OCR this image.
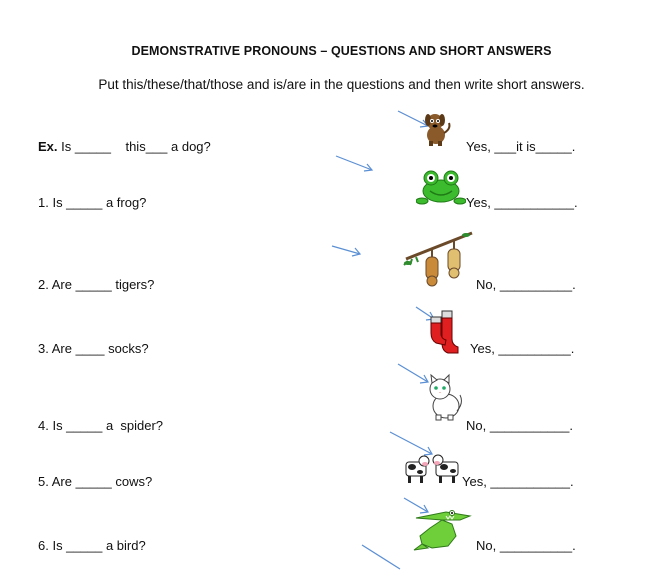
DEMONSTRATIVE PRONOUNS – QUESTIONS AND SHORT ANSWERS
Put this/these/that/those and is/are in the questions and then write short answers.
Ex. Is _____    this___ a dog?	Yes, ___it is_____.
1. Is _____ a frog?	Yes, ___________.
2. Are _____ tigers?	No, __________.
3. Are ____ socks?	Yes, __________.
4. Is _____ a  spider?	No, ___________.
5. Are _____ cows?	Yes, ___________.
6. Is _____ a bird?	No, __________.
